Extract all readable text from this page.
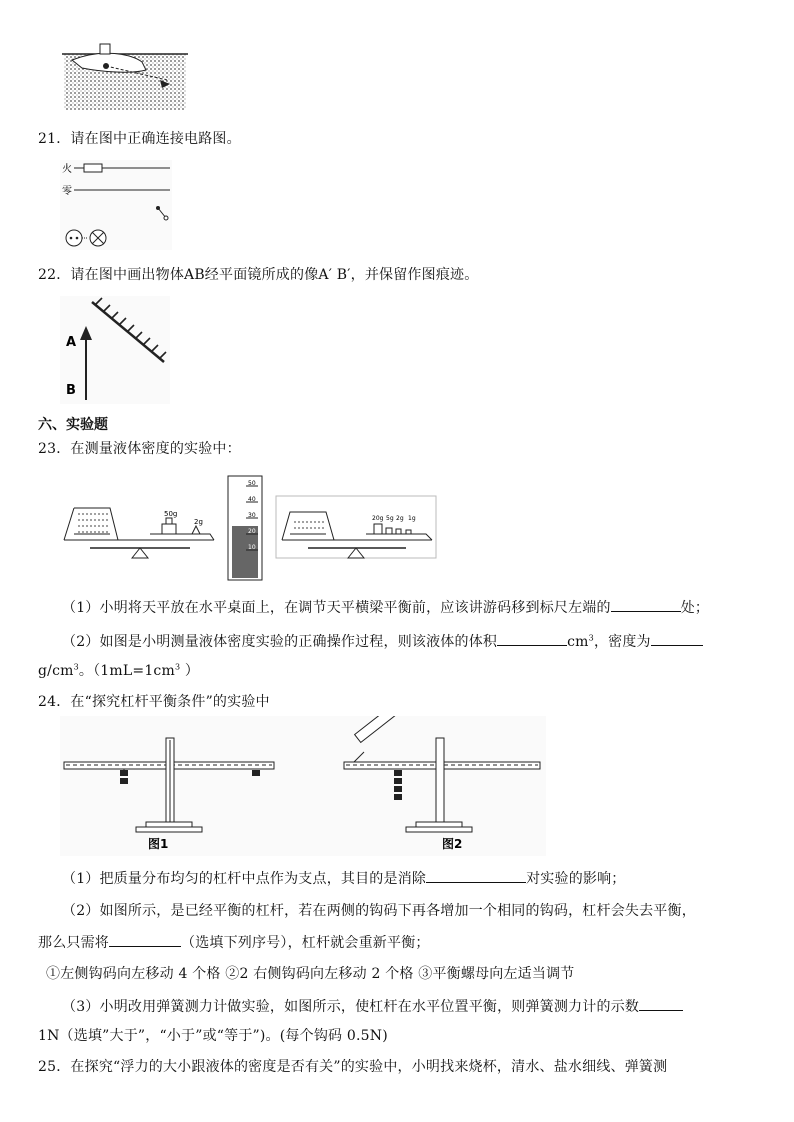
21．请在图中正确连接电路图。
火
零
22．请在图中画出物体AB经平面镜所成的像A′ B′，并保留作图痕迹。
A
B
六、实验题
23．在测量液体密度的实验中：
50g
2g
50
40
30
20
10
20g 5g 2g 1g
（1）小明将天平放在水平桌面上，在调节天平横梁平衡前，应该讲游码移到标尺左端的	处；
（2）如图是小明测量液体密度实验的正确操作过程，则该液体的体积	$cm^3$，密度为
$g/cm^3$。（$1mL=1cm^3$ ）
24．在“探究杠杆平衡条件”的实验中
图1	图2
（1）把质量分布均匀的杠杆中点作为支点，其目的是消除	对实验的影响；
（2）如图所示，是已经平衡的杠杆，若在两侧的钩码下再各增加一个相同的钩码，杠杆会失去平衡，
那么只需将	（选填下列序号），杠杆就会重新平衡；
①左侧钩码向左移动 4 个格 ②2 右侧钩码向左移动 2 个格 ③平衡螺母向左适当调节
（3）小明改用弹簧测力计做实验，如图所示，使杠杆在水平位置平衡，则弹簧测力计的示数
1N（选填”大于”，“小于”或“等于”)。(每个钩码 0.5N)
25．在探究“浮力的大小跟液体的密度是否有关”的实验中，小明找来烧杯，清水、盐水细线、弹簧测
